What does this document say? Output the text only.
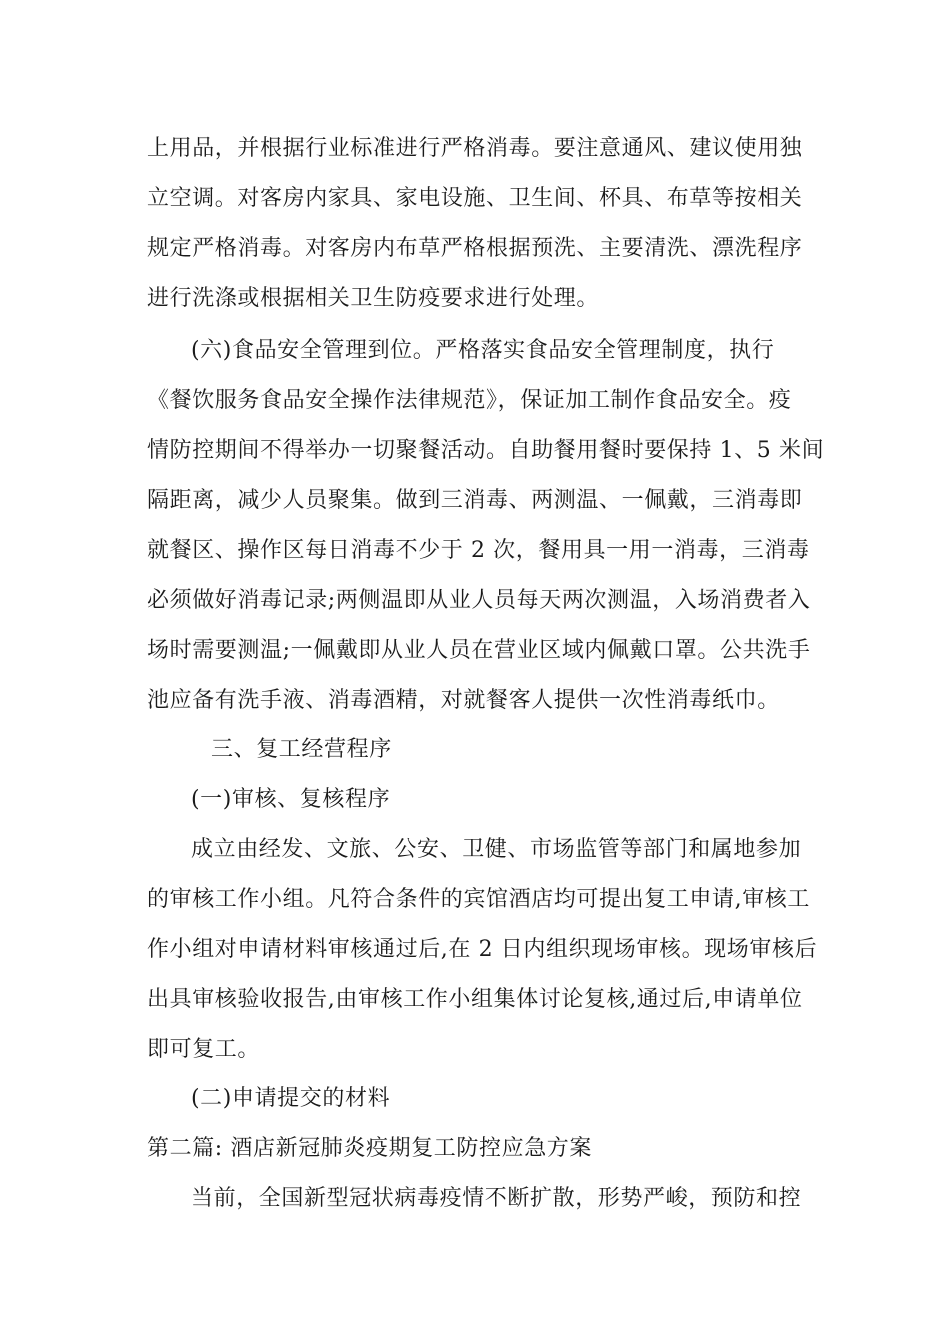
上用品，并根据行业标准进行严格消毒。要注意通风、建议使用独
立空调。对客房内家具、家电设施、卫生间、杯具、布草等按相关
规定严格消毒。对客房内布草严格根据预洗、主要清洗、漂洗程序
进行洗涤或根据相关卫生防疫要求进行处理。
(六)食品安全管理到位。严格落实食品安全管理制度，执行
《餐饮服务食品安全操作法律规范》，保证加工制作食品安全。疫
情防控期间不得举办一切聚餐活动。自助餐用餐时要保持 1、5 米间
隔距离，减少人员聚集。做到三消毒、两测温、一佩戴，三消毒即
就餐区、操作区每日消毒不少于 2 次，餐用具一用一消毒，三消毒
必须做好消毒记录;两侧温即从业人员每天两次测温，入场消费者入
场时需要测温;一佩戴即从业人员在营业区域内佩戴口罩。公共洗手
池应备有洗手液、消毒酒精，对就餐客人提供一次性消毒纸巾。
三、复工经营程序
(一)审核、复核程序
成立由经发、文旅、公安、卫健、市场监管等部门和属地参加
的审核工作小组。凡符合条件的宾馆酒店均可提出复工申请,审核工
作小组对申请材料审核通过后,在 2 日内组织现场审核。现场审核后
出具审核验收报告,由审核工作小组集体讨论复核,通过后,申请单位
即可复工。
(二)申请提交的材料
第二篇: 酒店新冠肺炎疫期复工防控应急方案
当前，全国新型冠状病毒疫情不断扩散，形势严峻，预防和控
